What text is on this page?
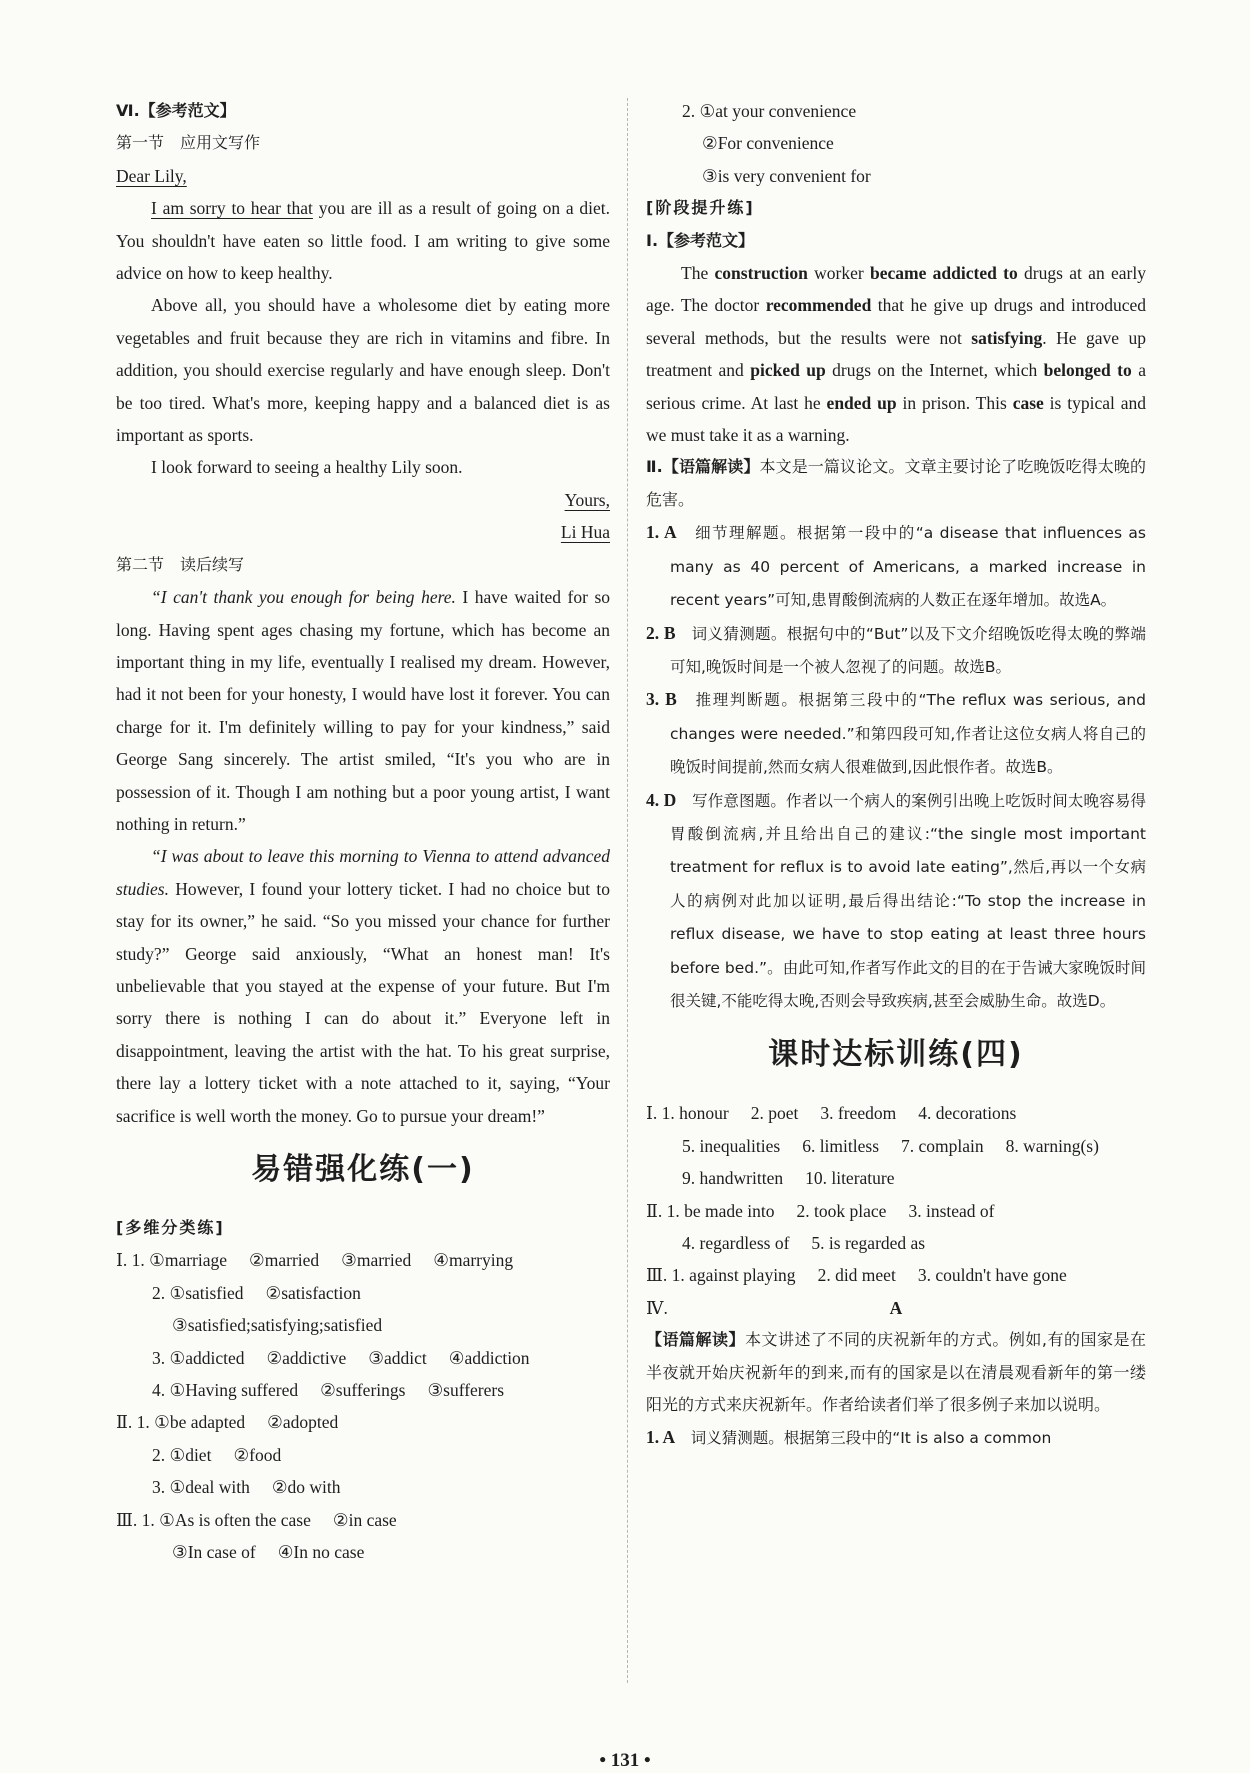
Ⅵ.【参考范文】

第一节　应用文写作

Dear Lily,

I am sorry to hear that you are ill as a result of going on a diet. You shouldn't have eaten so little food. I am writing to give some advice on how to keep healthy.

Above all, you should have a wholesome diet by eating more vegetables and fruit because they are rich in vitamins and fibre. In addition, you should exercise regularly and have enough sleep. Don't be too tired. What's more, keeping happy and a balanced diet is as important as sports.

I look forward to seeing a healthy Lily soon.

Yours,

Li Hua

第二节　读后续写

“I can't thank you enough for being here. I have waited for so long. Having spent ages chasing my fortune, which has become an important thing in my life, eventually I realised my dream. However, had it not been for your honesty, I would have lost it forever. You can charge for it. I'm definitely willing to pay for your kindness,” said George Sang sincerely. The artist smiled, “It's you who are in possession of it. Though I am nothing but a poor young artist, I want nothing in return.”

“I was about to leave this morning to Vienna to attend advanced studies. However, I found your lottery ticket. I had no choice but to stay for its owner,” he said. “So you missed your chance for further study?” George said anxiously, “What an honest man! It's unbelievable that you stayed at the expense of your future. But I'm sorry there is nothing I can do about it.” Everyone left in disappointment, leaving the artist with the hat. To his great surprise, there lay a lottery ticket with a note attached to it, saying, “Your sacrifice is well worth the money. Go to pursue your dream!”

易错强化练(一)

[多维分类练]

Ⅰ. 1. ①marriage ②married ③married ④marrying
2. ①satisfied ②satisfaction
③satisfied;satisfying;satisfied
3. ①addicted ②addictive ③addict ④addiction
4. ①Having suffered ②sufferings ③sufferers
Ⅱ. 1. ①be adapted ②adopted
2. ①diet ②food
3. ①deal with ②do with
Ⅲ. 1. ①As is often the case ②in case
③In case of ④In no case
2. ①at your convenience
②For convenience
③is very convenient for

[阶段提升练]

Ⅰ.【参考范文】

The construction worker became addicted to drugs at an early age. The doctor recommended that he give up drugs and introduced several methods, but the results were not satisfying. He gave up treatment and picked up drugs on the Internet, which belonged to a serious crime. At last he ended up in prison. This case is typical and we must take it as a warning.

Ⅱ.【语篇解读】本文是一篇议论文。文章主要讨论了吃晚饭吃得太晚的危害。

1. A　细节理解题。根据第一段中的“a disease that influences as many as 40 percent of Americans, a marked increase in recent years”可知,患胃酸倒流病的人数正在逐年增加。故选A。

2. B　词义猜测题。根据句中的“But”以及下文介绍晚饭吃得太晚的弊端可知,晚饭时间是一个被人忽视了的问题。故选B。

3. B　推理判断题。根据第三段中的“The reflux was serious, and changes were needed.”和第四段可知,作者让这位女病人将自己的晚饭时间提前,然而女病人很难做到,因此恨作者。故选B。

4. D　写作意图题。作者以一个病人的案例引出晚上吃饭时间太晚容易得胃酸倒流病,并且给出自己的建议:“the single most important treatment for reflux is to avoid late eating”,然后,再以一个女病人的病例对此加以证明,最后得出结论:“To stop the increase in reflux disease, we have to stop eating at least three hours before bed.”。由此可知,作者写作此文的目的在于告诫大家晚饭时间很关键,不能吃得太晚,否则会导致疾病,甚至会威胁生命。故选D。

课时达标训练(四)
Ⅰ. 1. honour 2. poet 3. freedom 4. decorations
5. inequalities 6. limitless 7. complain 8. warning(s)
9. handwritten 10. literature
Ⅱ. 1. be made into 2. took place 3. instead of
4. regardless of 5. is regarded as
Ⅲ. 1. against playing 2. did meet 3. couldn't have gone
Ⅳ.	A

【语篇解读】本文讲述了不同的庆祝新年的方式。例如,有的国家是在半夜就开始庆祝新年的到来,而有的国家是以在清晨观看新年的第一缕阳光的方式来庆祝新年。作者给读者们举了很多例子来加以说明。

1. A　词义猜测题。根据第三段中的“It is also a common

• 131 •
